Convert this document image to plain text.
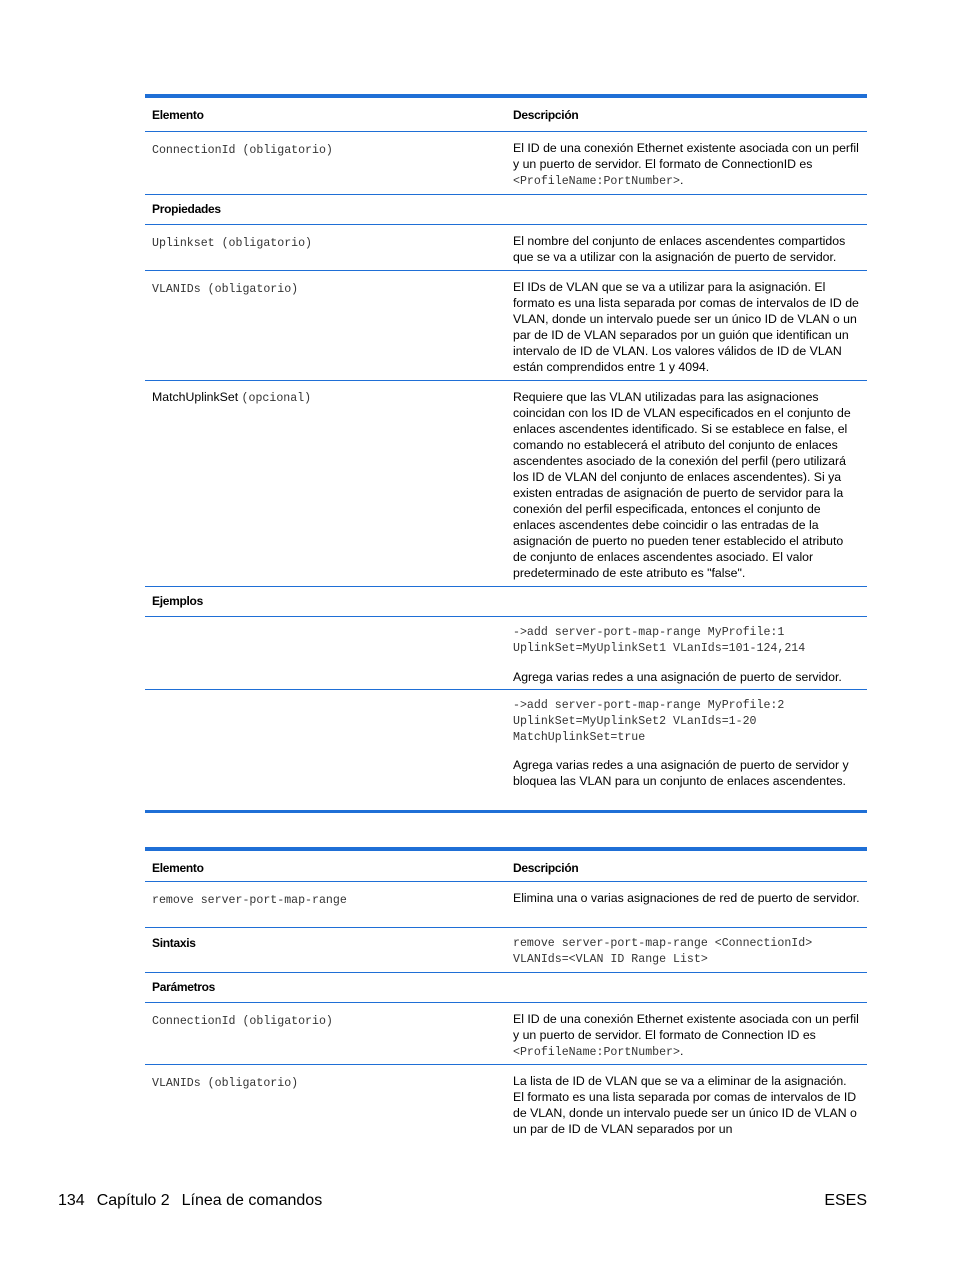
Elemento	Descripción
ConnectionId (obligatorio)	El ID de una conexión Ethernet existente asociada con un perfil y un puerto de servidor. El formato de ConnectionID es <ProfileName:PortNumber>.
Propiedades
Uplinkset (obligatorio)	El nombre del conjunto de enlaces ascendentes compartidos que se va a utilizar con la asignación de puerto de servidor.
VLANIDs (obligatorio)	El IDs de VLAN que se va a utilizar para la asignación. El formato es una lista separada por comas de intervalos de ID de VLAN, donde un intervalo puede ser un único ID de VLAN o un par de ID de VLAN separados por un guión que identifican un intervalo de ID de VLAN. Los valores válidos de ID de VLAN están comprendidos entre 1 y 4094.
MatchUplinkSet (opcional)	Requiere que las VLAN utilizadas para las asignaciones coincidan con los ID de VLAN especificados en el conjunto de enlaces ascendentes identificado. Si se establece en false, el comando no establecerá el atributo del conjunto de enlaces ascendentes asociado de la conexión del perfil (pero utilizará los ID de VLAN del conjunto de enlaces ascendentes). Si ya existen entradas de asignación de puerto de servidor para la conexión del perfil especificada, entonces el conjunto de enlaces ascendentes debe coincidir o las entradas de la asignación de puerto no pueden tener establecido el atributo de conjunto de enlaces ascendentes asociado. El valor predeterminado de este atributo es "false".
Ejemplos
->add server-port-map-range MyProfile:1
UplinkSet=MyUplinkSet1 VLanIds=101-124,214
Agrega varias redes a una asignación de puerto de servidor.
->add server-port-map-range MyProfile:2
UplinkSet=MyUplinkSet2 VLanIds=1-20
MatchUplinkSet=true
Agrega varias redes a una asignación de puerto de servidor y bloquea las VLAN para un conjunto de enlaces ascendentes.
Elemento	Descripción
remove server-port-map-range	Elimina una o varias asignaciones de red de puerto de servidor.
Sintaxis	remove server-port-map-range <ConnectionId>
VLANIds=<VLAN ID Range List>
Parámetros
ConnectionId (obligatorio)	El ID de una conexión Ethernet existente asociada con un perfil y un puerto de servidor. El formato de Connection ID es <ProfileName:PortNumber>.
VLANIDs (obligatorio)	La lista de ID de VLAN que se va a eliminar de la asignación. El formato es una lista separada por comas de intervalos de ID de VLAN, donde un intervalo puede ser un único ID de VLAN o un par de ID de VLAN separados por un
134 Capítulo 2 Línea de comandos	ESES
